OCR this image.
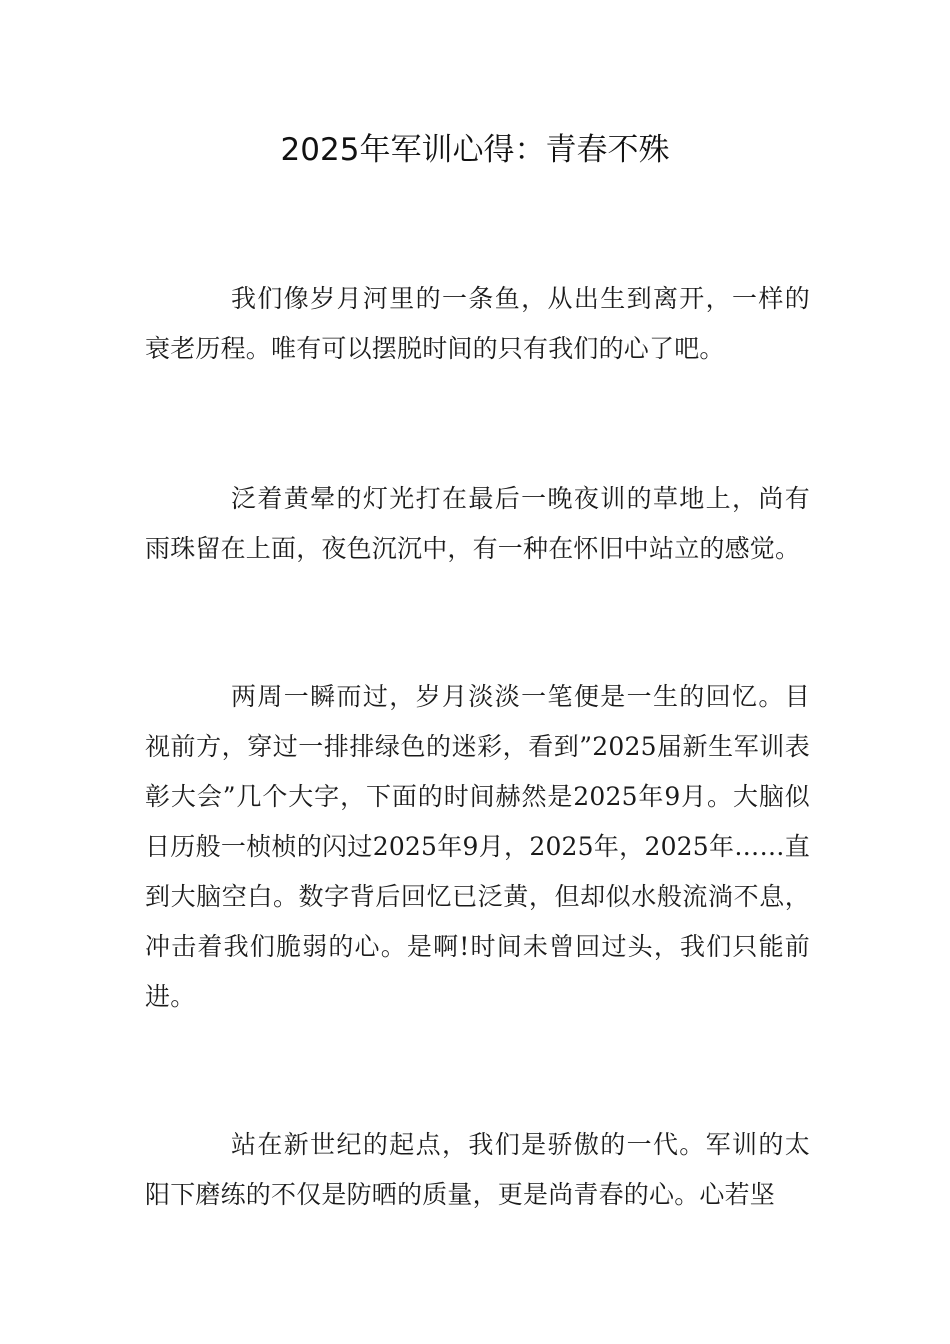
2025年军训心得：青春不殊

我们像岁月河里的一条鱼，从出生到离开，一样的衰老历程。唯有可以摆脱时间的只有我们的心了吧。

泛着黄晕的灯光打在最后一晚夜训的草地上，尚有雨珠留在上面，夜色沉沉中，有一种在怀旧中站立的感觉。

两周一瞬而过，岁月淡淡一笔便是一生的回忆。目视前方，穿过一排排绿色的迷彩，看到”2025届新生军训表彰大会”几个大字，下面的时间赫然是2025年9月。大脑似日历般一桢桢的闪过2025年9月，2025年，2025年……直到大脑空白。数字背后回忆已泛黄，但却似水般流淌不息，冲击着我们脆弱的心。是啊!时间未曾回过头，我们只能前进。

站在新世纪的起点，我们是骄傲的一代。军训的太阳下磨练的不仅是防晒的质量，更是尚青春的心。心若坚
